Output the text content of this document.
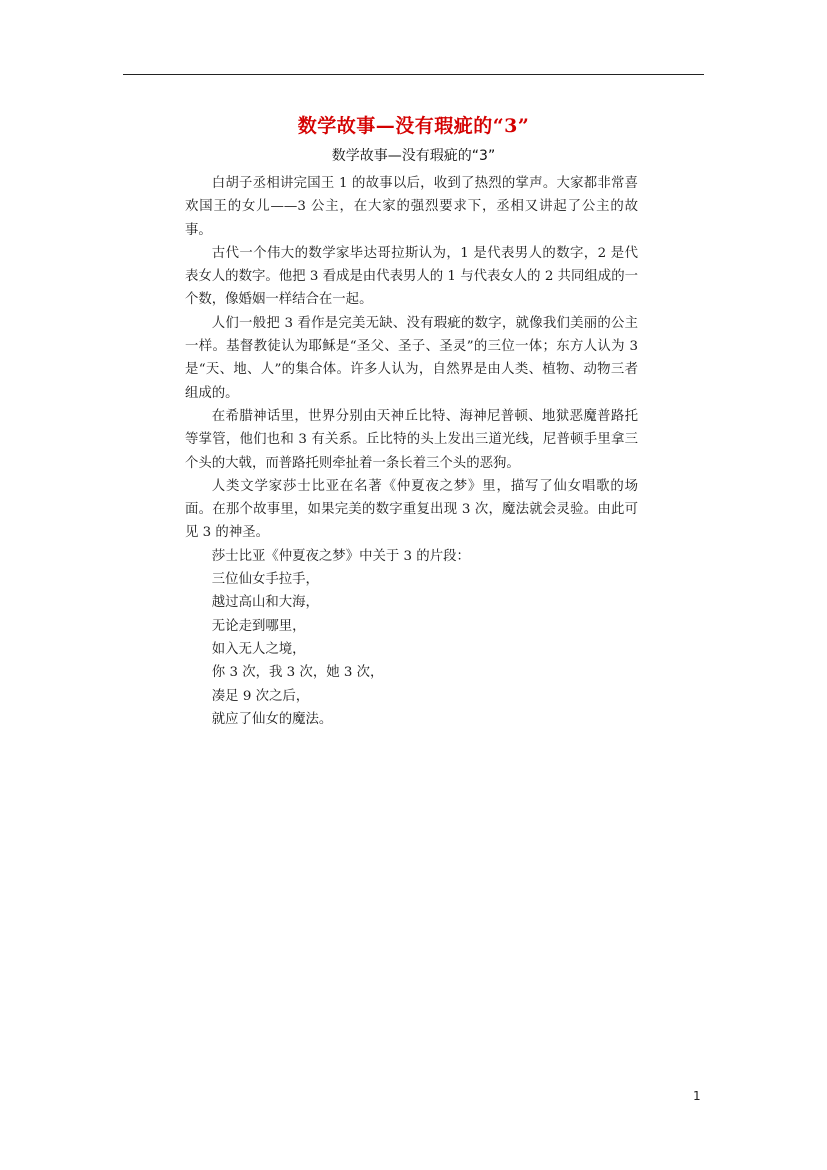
数学故事—没有瑕疵的“3”
数学故事—没有瑕疵的“3”

白胡子丞相讲完国王 1 的故事以后，收到了热烈的掌声。大家都非常喜欢国王的女儿——3 公主，在大家的强烈要求下，丞相又讲起了公主的故事。

古代一个伟大的数学家毕达哥拉斯认为，1 是代表男人的数字，2 是代表女人的数字。他把 3 看成是由代表男人的 1 与代表女人的 2 共同组成的一个数，像婚姻一样结合在一起。

人们一般把 3 看作是完美无缺、没有瑕疵的数字，就像我们美丽的公主一样。基督教徒认为耶稣是“圣父、圣子、圣灵”的三位一体；东方人认为 3 是“天、地、人”的集合体。许多人认为，自然界是由人类、植物、动物三者组成的。

在希腊神话里，世界分别由天神丘比特、海神尼普顿、地狱恶魔普路托等掌管，他们也和 3 有关系。丘比特的头上发出三道光线，尼普顿手里拿三个头的大戟，而普路托则牵扯着一条长着三个头的恶狗。

人类文学家莎士比亚在名著《仲夏夜之梦》里，描写了仙女唱歌的场面。在那个故事里，如果完美的数字重复出现 3 次，魔法就会灵验。由此可见 3 的神圣。

莎士比亚《仲夏夜之梦》中关于 3 的片段：
三位仙女手拉手，
越过高山和大海，
无论走到哪里，
如入无人之境，
你 3 次，我 3 次，她 3 次，
凑足 9 次之后，
就应了仙女的魔法。
1
